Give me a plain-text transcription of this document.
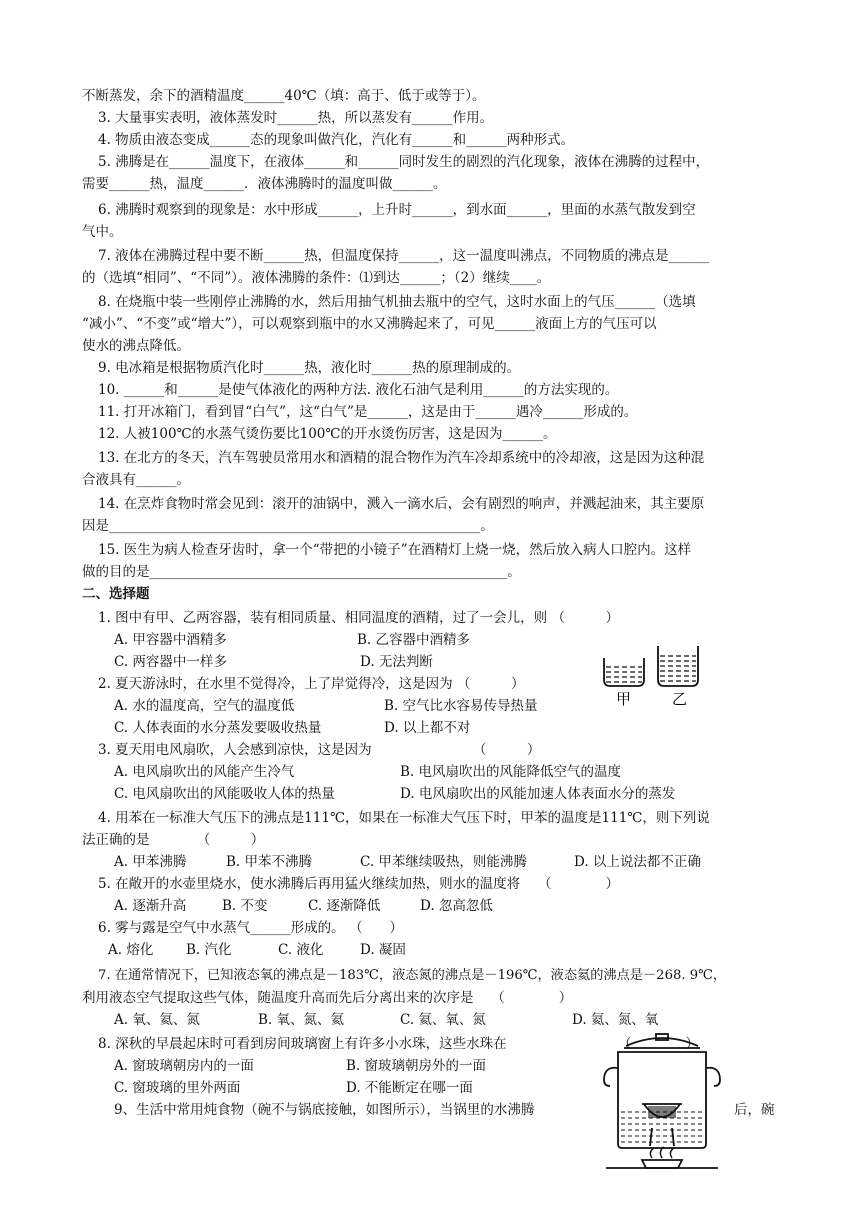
不断蒸发，余下的酒精温度______40℃（填：高于、低于或等于）。
3. 大量事实表明，液体蒸发时______热，所以蒸发有______作用。
4. 物质由液态变成______态的现象叫做汽化，汽化有______和______两种形式。
5. 沸腾是在______温度下，在液体______和______同时发生的剧烈的汽化现象，液体在沸腾的过程中，
需要______热，温度______．液体沸腾时的温度叫做______。
6. 沸腾时观察到的现象是：水中形成______，上升时______，到水面______，里面的水蒸气散发到空
气中。
7. 液体在沸腾过程中要不断______热，但温度保持______，这一温度叫沸点，不同物质的沸点是______
的（选填“相同”、“不同”）。液体沸腾的条件：⑴到达______；（2）继续____。
8. 在烧瓶中装一些刚停止沸腾的水，然后用抽气机抽去瓶中的空气，这时水面上的气压______（选填
“减小”、“不变”或“增大”），可以观察到瓶中的水又沸腾起来了，可见______液面上方的气压可以
使水的沸点降低。
9. 电冰箱是根据物质汽化时______热，液化时______热的原理制成的。
10. ______和______是使气体液化的两种方法. 液化石油气是利用______的方法实现的。
11. 打开冰箱门，看到冒“白气”，这“白气”是______，这是由于______遇冷______形成的。
12. 人被100℃的水蒸气烫伤要比100℃的开水烫伤厉害，这是因为______。
13. 在北方的冬天，汽车驾驶员常用水和酒精的混合物作为汽车冷却系统中的冷却液，这是因为这种混
合液具有______。
14. 在烹炸食物时常会见到：滚开的油锅中，溅入一滴水后，会有剧烈的响声，并溅起油来，其主要原
因是_______________________________________________________。
15. 医生为病人检查牙齿时，拿一个“带把的小镜子”在酒精灯上烧一烧，然后放入病人口腔内。这样
做的目的是_____________________________________________________。
二、选择题
1. 图中有甲、乙两容器，装有相同质量、相同温度的酒精，过了一会儿，则 （　　　）
A. 甲容器中酒精多	B. 乙容器中酒精多
C. 两容器中一样多	D. 无法判断
2. 夏天游泳时，在水里不觉得冷，上了岸觉得冷，这是因为 （　　　）
A. 水的温度高，空气的温度低	B. 空气比水容易传导热量
C. 人体表面的水分蒸发要吸收热量	D. 以上都不对
3. 夏天用电风扇吹，人会感到凉快，这是因为　　　　　　　　（　　　）
A. 电风扇吹出的风能产生冷气	B. 电风扇吹出的风能降低空气的温度
C. 电风扇吹出的风能吸收人体的热量	D. 电风扇吹出的风能加速人体表面水分的蒸发
4. 用苯在一标准大气压下的沸点是111℃，如果在一标准大气压下时，甲苯的温度是111℃，则下列说
法正确的是　　　　（　　　）
A. 甲苯沸腾	B. 甲苯不沸腾	C. 甲苯继续吸热，则能沸腾	D. 以上说法都不正确
5. 在敞开的水壶里烧水，使水沸腾后再用猛火继续加热，则水的温度将　 （　　　　）
A. 逐渐升高	B. 不变	C. 逐渐降低	D. 忽高忽低
6. 雾与露是空气中水蒸气______形成的。 （　　）
A. 熔化 B. 汽化	C. 液化	D. 凝固
7. 在通常情况下，已知液态氧的沸点是－183℃，液态氮的沸点是－196℃，液态氦的沸点是－268. 9℃，
利用液态空气提取这些气体，随温度升高而先后分离出来的次序是　 （　　　　）
A. 氧、氦、氮	B. 氧、氮、氦	C. 氦、氧、氮	D. 氦、氮、氧
8. 深秋的早晨起床时可看到房间玻璃窗上有许多小水珠，这些水珠在	（　　　　）
A. 窗玻璃朝房内的一面	B. 窗玻璃朝房外的一面
C. 窗玻璃的里外两面	D. 不能断定在哪一面
9、生活中常用炖食物（碗不与锅底接触，如图所示），当锅里的水沸腾	后，碗
甲	乙
